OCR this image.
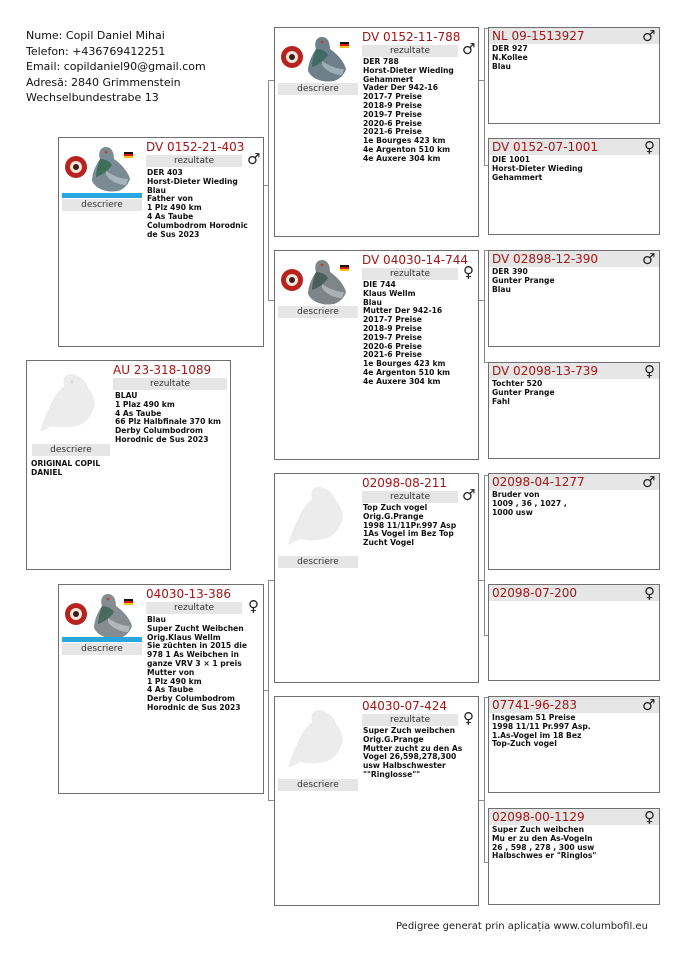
Nume: Copil Daniel Mihai
Telefon: +436769412251
Email: copildaniel90@gmail.com
Adresă: 2840 Grimmenstein
Wechselbundestrabe 13
descriere
AU 23-318-1089
rezultate
BLAU
1 Plaz 490 km
4 As Taube
66 Plz Halbfinale 370 km
Derby Columbodrom
Horodnic de Sus 2023
ORIGINAL COPIL
DANIEL
descriere
DV 0152-21-403
rezultate	♂
DER 403
Horst-Dieter Wieding
Blau
Father von
1 Plz 490 km
4 As Taube
Columbodrom Horodnic
de Sus 2023
descriere
04030-13-386
rezultate	♀
Blau
Super Zucht Weibchen
Orig.Klaus Wellm
Sie züchten in 2015 die
978 1 As Weibchen in
ganze VRV 3 × 1 preis
Mutter von
1 Plz 490 km
4 As Taube
Derby Columbodrom
Horodnic de Sus 2023
descriere
DV 0152-11-788
rezultate	♂
DER 788
Horst-Dieter Wieding
Gehammert
Vader Der 942-16
2017-7 Preise
2018-9 Preise
2019-7 Preise
2020-6 Preise
2021-6 Preise
1e Bourges 423 km
4e Argenton 510 km
4e Auxere 304 km
descriere
DV 04030-14-744
rezultate	♀
DIE 744
Klaus Wellm
Blau
Mutter Der 942-16
2017-7 Preise
2018-9 Preise
2019-7 Preise
2020-6 Preise
2021-6 Preise
1e Bourges 423 km
4e Argenton 510 km
4e Auxere 304 km
descriere
02098-08-211
rezultate	♂
Top Zuch vogel
Orig.G.Prange
1998 11/11Pr.997 Asp
1As Vogel im Bez Top
Zucht Vogel
descriere
04030-07-424
rezultate	♀
Super Zuch weibchen
Orig.G.Prange
Mutter zucht zu den As
Vogel 26,598,278,300
usw Halbschwester
""Ringlosse""
NL 09-1513927	♂
DER 927
N.Kollee
Blau
DV 0152-07-1001	♀
DIE 1001
Horst-Dieter Wieding
Gehammert
DV 02898-12-390	♂
DER 390
Gunter Prange
Blau
DV 02098-13-739	♀
Tochter 520
Gunter Prange
Fahl
02098-04-1277	♂
Bruder von
1009 , 36 , 1027 ,
1000 usw
02098-07-200	♀
07741-96-283	♂
Insgesam 51 Preise
1998 11/11 Pr.997 Asp.
1.As-Vogel im 18 Bez
Top-Zuch vogel
02098-00-1129	♀
Super Zuch weibchen
Mu er zu den As-Vogeln
26 , 598 , 278 , 300 usw
Halbschwes er "Ringlos"
Pedigree generat prin aplicația www.columbofil.eu
